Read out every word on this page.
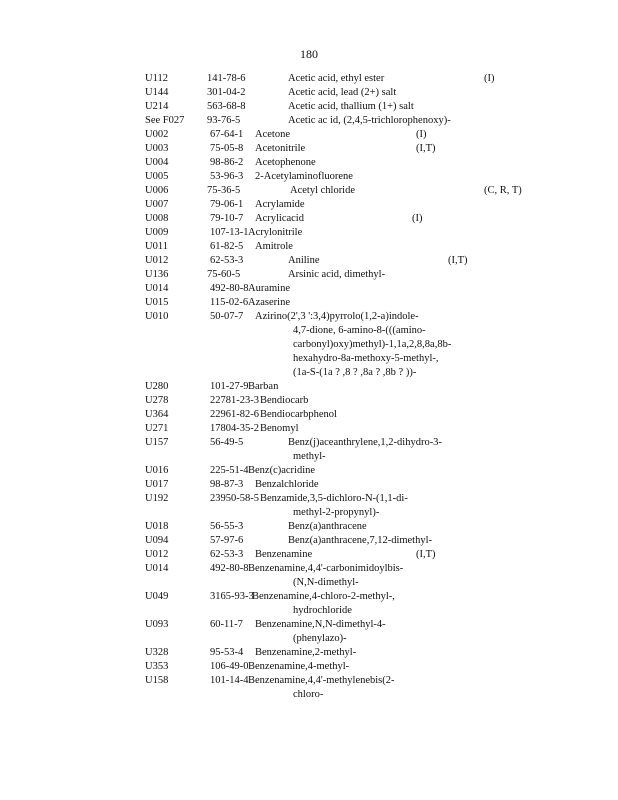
180
U112	141-78-6	Acetic acid, ethyl ester	(I)
U144	301-04-2	Acetic acid, lead (2+) salt
U214	563-68-8	Acetic acid, thallium (1+) salt
See F027 93-76-5	Acetic ac id, (2,4,5-trichlorophenoxy)-
U002	67-64-1 Acetone	(I)
U003	75-05-8 Acetonitrile	(I,T)
U004	98-86-2 Acetophenone
U005	53-96-3 2-Acetylaminofluorene
U006	75-36-5	Acetyl chloride	(C, R, T)
U007	79-06-1 Acrylamide
U008	79-10-7 Acrylicacid	(I)
U009	107-13-1 Acrylonitrile
U011	61-82-5 Amitrole
U012	62-53-3	Aniline	(I,T)
U136	75-60-5	Arsinic acid, dimethyl-
U014	492-80-8 Auramine
U015	115-02-6 Azaserine
U010	50-07-7 Azirino(2',3 ':3,4)pyrrolo(1,2-a)indole-
4,7-dione, 6-amino-8-(((amino-
carbonyl)oxy)methyl)-1,1a,2,8,8a,8b-
hexahydro-8a-methoxy-5-methyl-,
(1a-S-(1a ? ,8 ? ,8a ? ,8b ? ))-
U280	101-27-9 Barban
U278	22781-23-3 Bendiocarb
U364	22961-82-6 Bendiocarbphenol
U271	17804-35-2 Benomyl
U157	56-49-5	Benz(j)aceanthrylene,1,2-dihydro-3-
methyl-
U016	225-51-4 Benz(c)acridine
U017	98-87-3 Benzalchloride
U192	23950-58-5 Benzamide,3,5-dichloro-N-(1,1-di-
methyl-2-propynyl)-
U018	56-55-3	Benz(a)anthracene
U094	57-97-6	Benz(a)anthracene,7,12-dimethyl-
U012	62-53-3 Benzenamine	(I,T)
U014	492-80-8 Benzenamine,4,4'-carbonimidoylbis-
(N,N-dimethyl-
U049	3165-93-3
Benzenamine,4-chloro-2-methyl-,
hydrochloride
U093	60-11-7 Benzenamine,N,N-dimethyl-4-
(phenylazo)-
U328	95-53-4 Benzenamine,2-methyl-
U353	106-49-0 Benzenamine,4-methyl-
U158	101-14-4 Benzenamine,4,4'-methylenebis(2-
chloro-
